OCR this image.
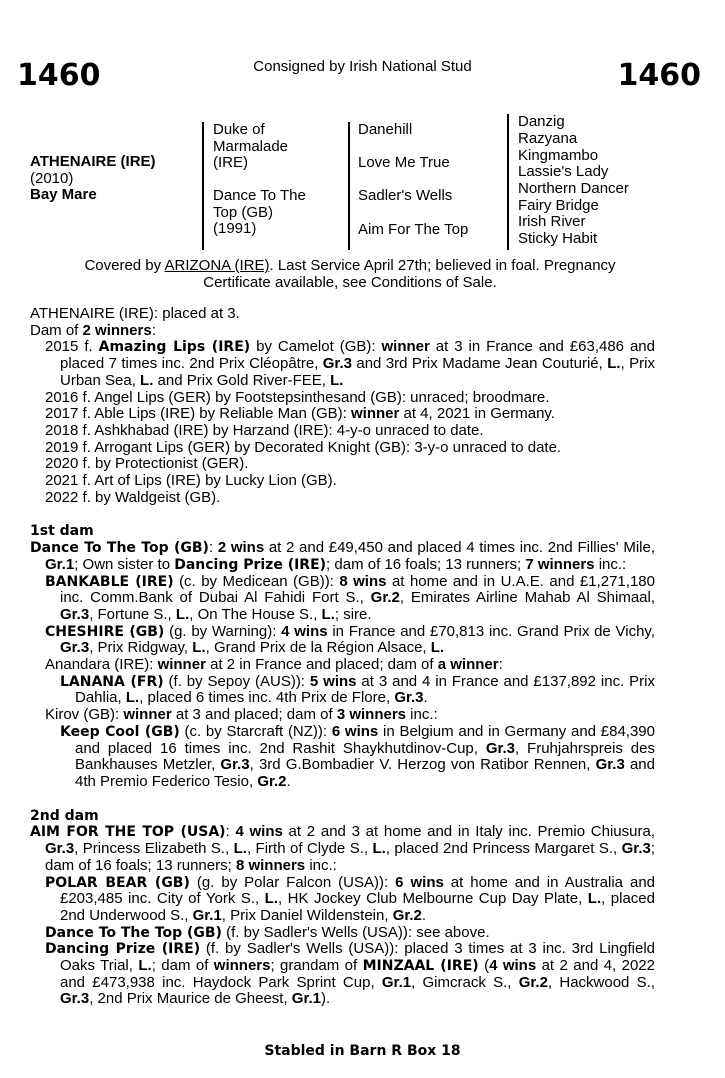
1460	Consigned by Irish National Stud	1460
ATHENAIRE (IRE)
(2010)
Bay Mare
Duke of
Marmalade
(IRE)
Dance To The
Top (GB)
(1991)
Danehill
Love Me True
Sadler's Wells
Aim For The Top
Danzig
Razyana
Kingmambo
Lassie's Lady
Northern Dancer
Fairy Bridge
Irish River
Sticky Habit
Covered by ARIZONA (IRE). Last Service April 27th; believed in foal. Pregnancy
Certificate available, see Conditions of Sale.

ATHENAIRE (IRE): placed at 3.

Dam of 2 winners:

2015 f. Amazing Lips (IRE) by Camelot (GB): winner at 3 in France and £63,486 and placed 7 times inc. 2nd Prix Cléopâtre, Gr.3 and 3rd Prix Madame Jean Couturié, L., Prix Urban Sea, L. and Prix Gold River-FEE, L.

2016 f. Angel Lips (GER) by Footstepsinthesand (GB): unraced; broodmare.

2017 f. Able Lips (IRE) by Reliable Man (GB): winner at 4, 2021 in Germany.

2018 f. Ashkhabad (IRE) by Harzand (IRE): 4-y-o unraced to date.

2019 f. Arrogant Lips (GER) by Decorated Knight (GB): 3-y-o unraced to date.

2020 f. by Protectionist (GER).

2021 f. Art of Lips (IRE) by Lucky Lion (GB).

2022 f. by Waldgeist (GB).

1st dam

Dance To The Top (GB): 2 wins at 2 and £49,450 and placed 4 times inc. 2nd Fillies' Mile, Gr.1; Own sister to Dancing Prize (IRE); dam of 16 foals; 13 runners; 7 winners inc.:

BANKABLE (IRE) (c. by Medicean (GB)): 8 wins at home and in U.A.E. and £1,271,180 inc. Comm.Bank of Dubai Al Fahidi Fort S., Gr.2, Emirates Airline Mahab Al Shimaal, Gr.3, Fortune S., L., On The House S., L.; sire.

CHESHIRE (GB) (g. by Warning): 4 wins in France and £70,813 inc. Grand Prix de Vichy, Gr.3, Prix Ridgway, L., Grand Prix de la Région Alsace, L.

Anandara (IRE): winner at 2 in France and placed; dam of a winner:

LANANA (FR) (f. by Sepoy (AUS)): 5 wins at 3 and 4 in France and £137,892 inc. Prix Dahlia, L., placed 6 times inc. 4th Prix de Flore, Gr.3.

Kirov (GB): winner at 3 and placed; dam of 3 winners inc.:

Keep Cool (GB) (c. by Starcraft (NZ)): 6 wins in Belgium and in Germany and £84,390 and placed 16 times inc. 2nd Rashit Shaykhutdinov-Cup, Gr.3, Fruhjahrspreis des Bankhauses Metzler, Gr.3, 3rd G.Bombadier V. Herzog von Ratibor Rennen, Gr.3 and 4th Premio Federico Tesio, Gr.2.

2nd dam

AIM FOR THE TOP (USA): 4 wins at 2 and 3 at home and in Italy inc. Premio Chiusura, Gr.3, Princess Elizabeth S., L., Firth of Clyde S., L., placed 2nd Princess Margaret S., Gr.3; dam of 16 foals; 13 runners; 8 winners inc.:

POLAR BEAR (GB) (g. by Polar Falcon (USA)): 6 wins at home and in Australia and £203,485 inc. City of York S., L., HK Jockey Club Melbourne Cup Day Plate, L., placed 2nd Underwood S., Gr.1, Prix Daniel Wildenstein, Gr.2.

Dance To The Top (GB) (f. by Sadler's Wells (USA)): see above.

Dancing Prize (IRE) (f. by Sadler's Wells (USA)): placed 3 times at 3 inc. 3rd Lingfield Oaks Trial, L.; dam of winners; grandam of MINZAAL (IRE) (4 wins at 2 and 4, 2022 and £473,938 inc. Haydock Park Sprint Cup, Gr.1, Gimcrack S., Gr.2, Hackwood S., Gr.3, 2nd Prix Maurice de Gheest, Gr.1).

Stabled in Barn R Box 18
